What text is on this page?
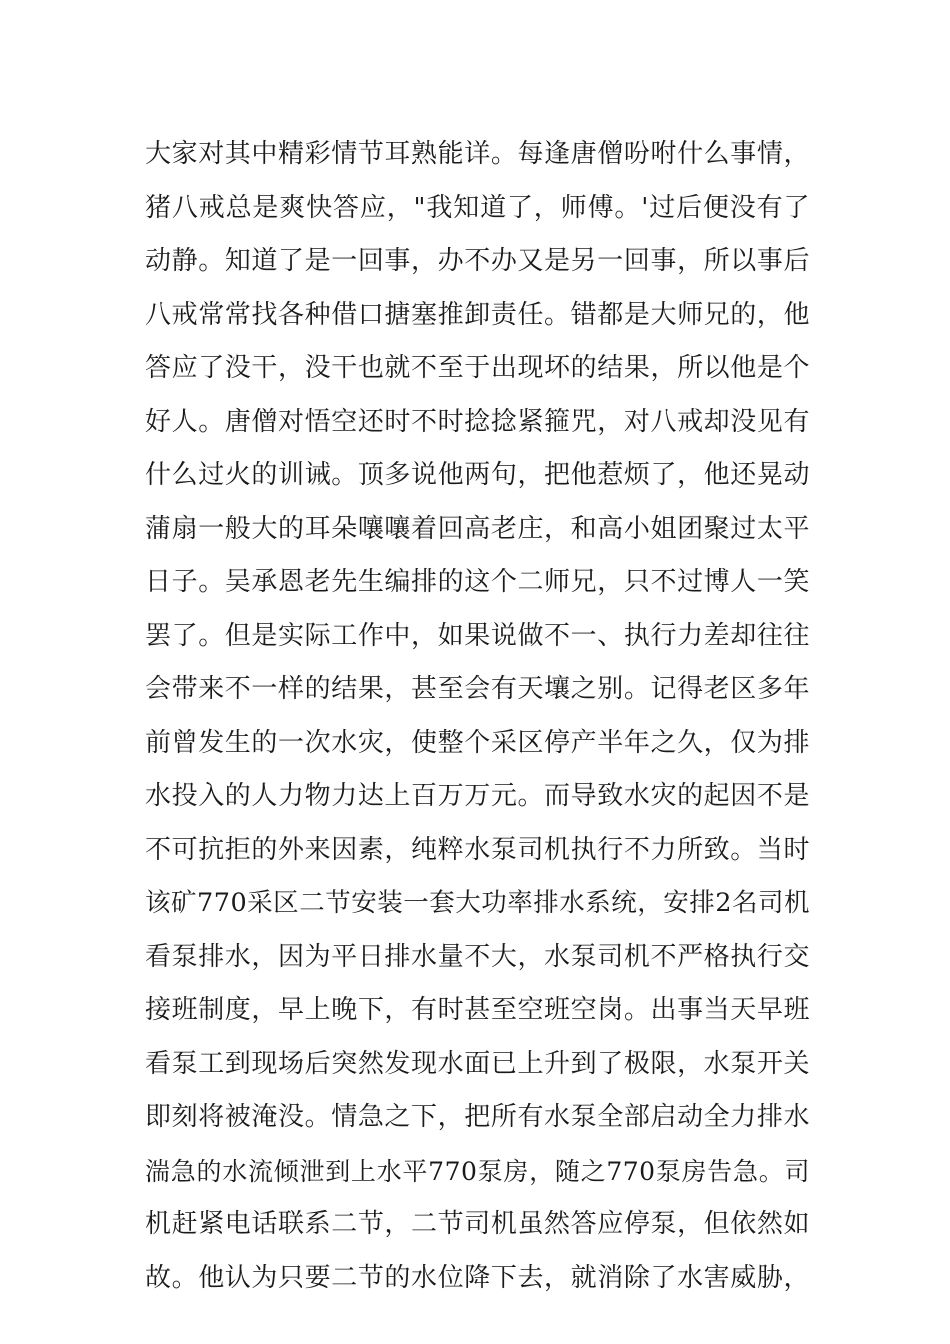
大家对其中精彩情节耳熟能详。每逢唐僧吩咐什么事情，
猪八戒总是爽快答应，"我知道了，师傅。'过后便没有了
动静。知道了是一回事，办不办又是另一回事，所以事后
八戒常常找各种借口搪塞推卸责任。错都是大师兄的，他
答应了没干，没干也就不至于出现坏的结果，所以他是个
好人。唐僧对悟空还时不时捻捻紧箍咒，对八戒却没见有
什么过火的训诫。顶多说他两句，把他惹烦了，他还晃动
蒲扇一般大的耳朵嚷嚷着回高老庄，和高小姐团聚过太平
日子。吴承恩老先生编排的这个二师兄，只不过博人一笑
罢了。但是实际工作中，如果说做不一、执行力差却往往
会带来不一样的结果，甚至会有天壤之别。记得老区多年
前曾发生的一次水灾，使整个采区停产半年之久，仅为排
水投入的人力物力达上百万万元。而导致水灾的起因不是
不可抗拒的外来因素，纯粹水泵司机执行不力所致。当时
该矿770采区二节安装一套大功率排水系统，安排2名司机
看泵排水，因为平日排水量不大，水泵司机不严格执行交
接班制度，早上晚下，有时甚至空班空岗。出事当天早班
看泵工到现场后突然发现水面已上升到了极限，水泵开关
即刻将被淹没。情急之下，把所有水泵全部启动全力排水
湍急的水流倾泄到上水平770泵房，随之770泵房告急。司
机赶紧电话联系二节，二节司机虽然答应停泵，但依然如
故。他认为只要二节的水位降下去，就消除了水害威胁，
